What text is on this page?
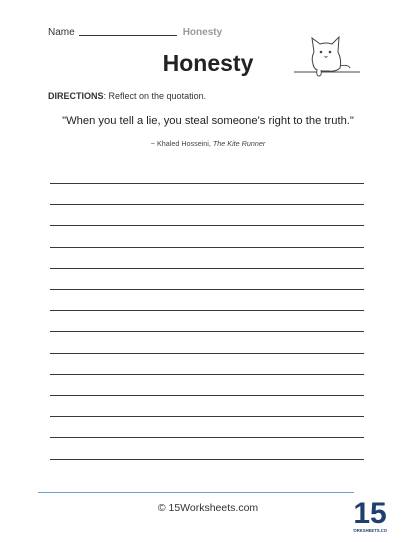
Name	Honesty
Honesty
DIRECTIONS: Reflect on the quotation.
"When you tell a lie, you steal someone's right to the truth."
~ Khaled Hosseini, The Kite Runner
© 15Worksheets.com	15
ORKSHEETS.CO
